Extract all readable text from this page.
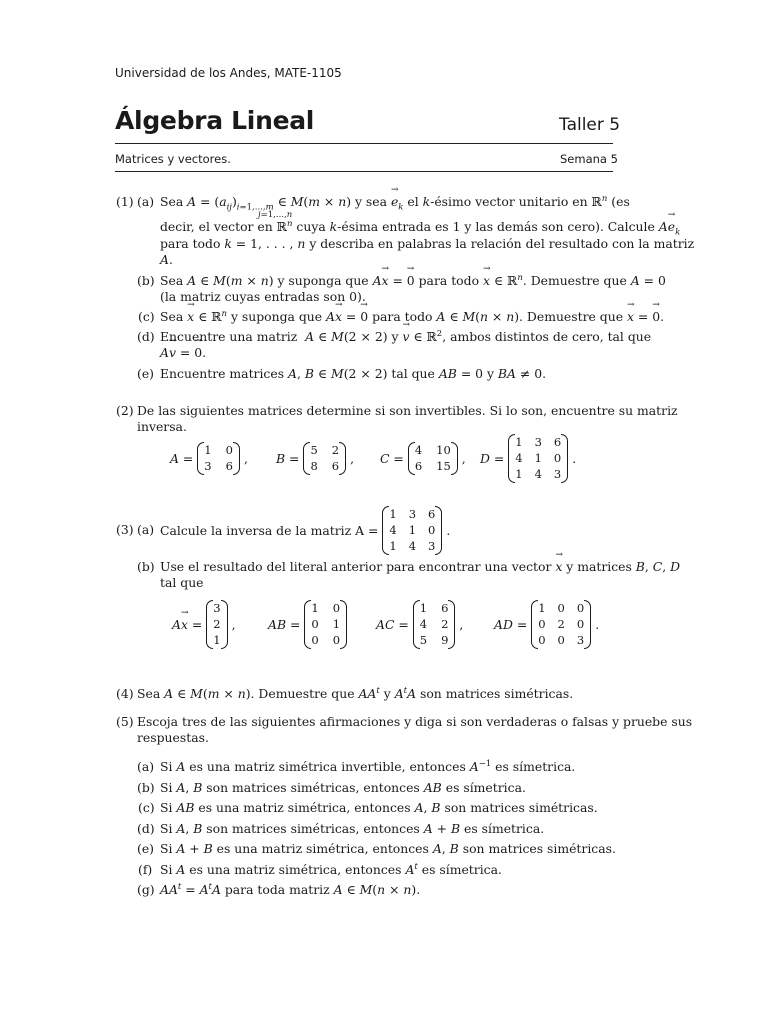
Universidad de los Andes, MATE-1105
Álgebra Lineal	Taller 5
Matrices y vectores.	Semana 5
(1) (a) Sea $A = (a_{ij})_{i=1,...,m}$ ∈ M(m × n) y sea → $e_k$ el k-ésimo vector unitario en ℝ$^n$ (es
j=1,...,n
decir, el vector en ℝ$^n$ cuya k-ésima entrada es 1 y las demás son cero). Calcule $A\to e_k$
para todo k = 1, . . . , n y describa en palabras la relación del resultado con la matriz
A.
(b) Sea A ∈ M(m × n) y suponga que A→ x = → 0 para todo → x ∈ ℝ$^n$. Demuestre que A = 0
(la matriz cuyas entradas son 0).
(c) Sea → x ∈ ℝ$^n$ y suponga que A→ x = → 0 para todo A ∈ M(n × n). Demuestre que → x = → 0.
(d) Encuentre una matriz  A ∈ M(2 × 2) y → v ∈ ℝ$^2$, ambos distintos de cero, tal que
A→ v = → 0.
(e) Encuentre matrices A, B ∈ M(2 × 2) tal que AB = 0 y BA ≠ 0.
(2) De las siguientes matrices determine si son invertibles. Si lo son, encuentre su matriz
inversa.
A =
1 0
3 6 , B =
5 2
8 6 , C =
4 10
6 15 , D =
1 3 6
4 1 0
1 4 3
.
(3) (a) Calcule la inversa de la matriz A =
1 3 6
4 1 0
1 4 3
.
(b) Use el resultado del literal anterior para encontrar una vector → x y matrices B, C, D
tal que
A
→ x =
3
2
1
,	AB =
1 0
0 1
0 0
AC =
1 6
4 2
5 9
, AD =
1 0 0
0 2 0
0 0 3
.
(4) Sea A ∈ M(m × n). Demuestre que $AA^t$ y $A^tA$ son matrices simétricas.
(5) Escoja tres de las siguientes afirmaciones y diga si son verdaderas o falsas y pruebe sus
respuestas.
(a) Si A es una matriz simétrica invertible, entonces $A^{-1}$ es símetrica.
(b) Si A, B son matrices simétricas, entonces AB es símetrica.
(c) Si AB es una matriz simétrica, entonces A, B son matrices simétricas.
(d) Si A, B son matrices simétricas, entonces A + B es símetrica.
(e) Si A + B es una matriz simétrica, entonces A, B son matrices simétricas.
(f) Si A es una matriz simétrica, entonces $A^t$ es símetrica.
(g) $AA^t = A^tA$ para toda matriz A ∈ M(n × n).
